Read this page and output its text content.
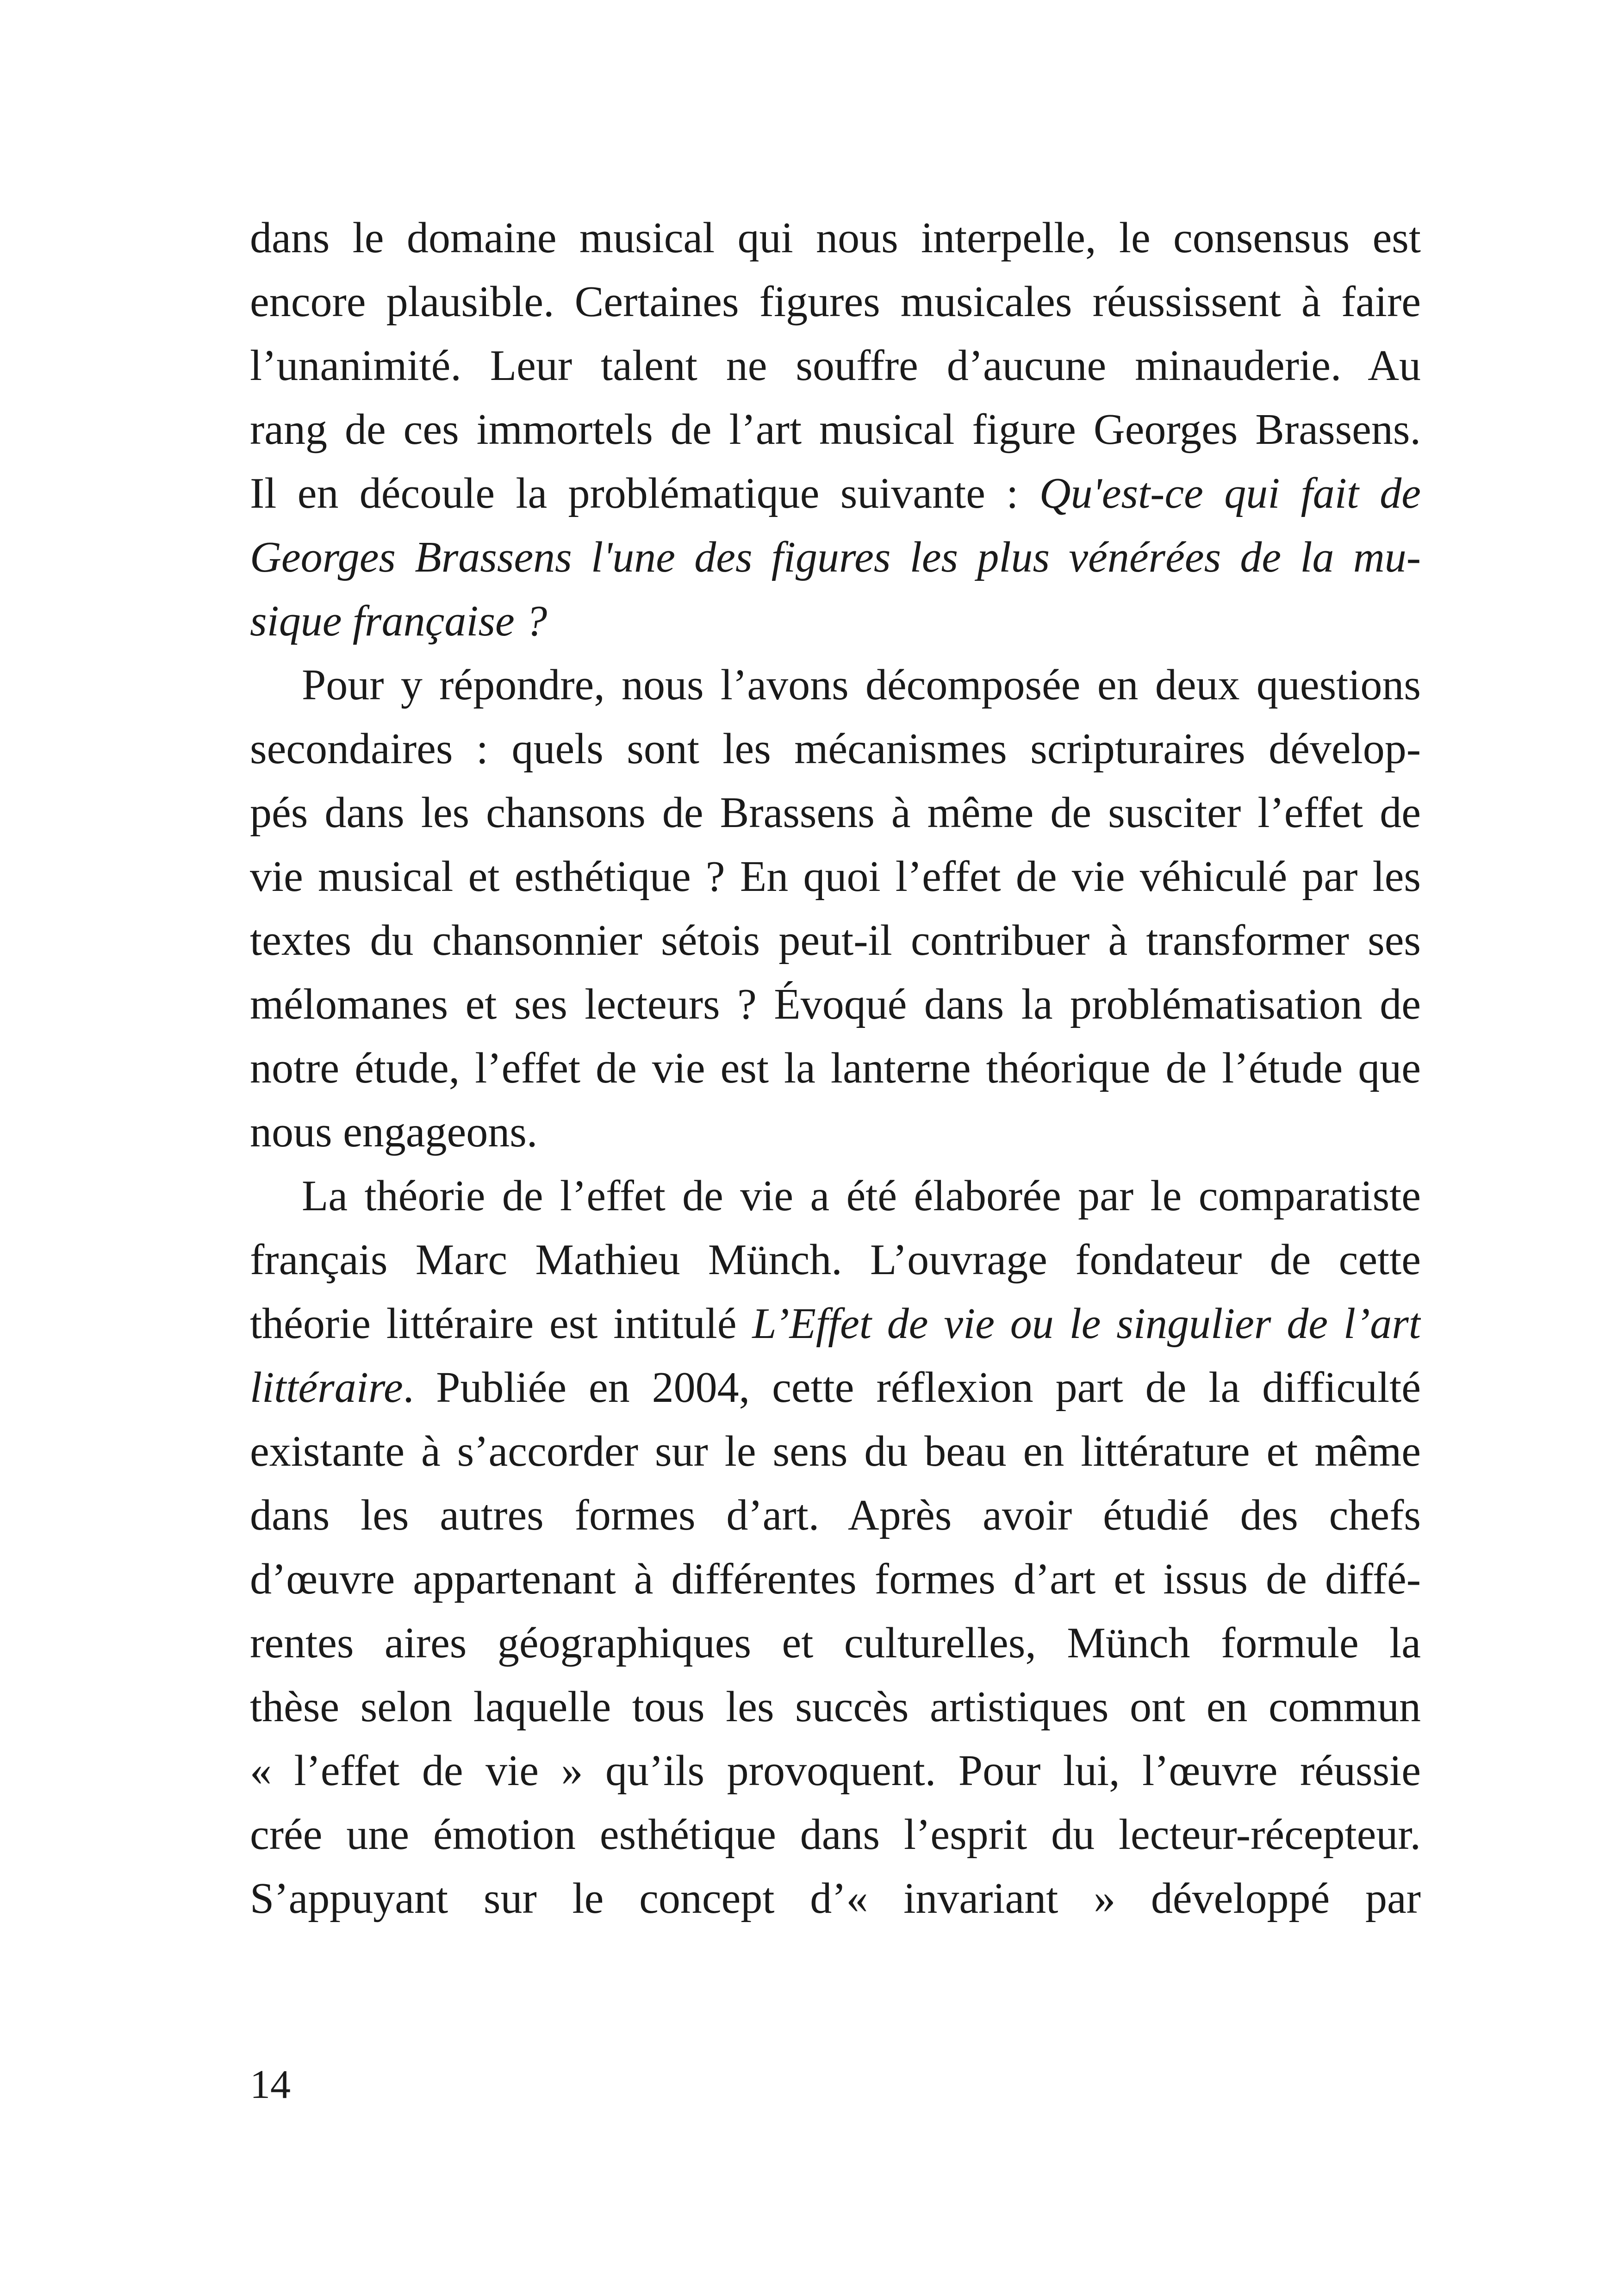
dans le domaine musical qui nous interpelle, le consensus est
encore plausible. Certaines figures musicales réussissent à faire
l’unanimité. Leur talent ne souffre d’aucune minauderie. Au
rang de ces immortels de l’art musical figure Georges Brassens.
Il en découle la problématique suivante : Qu'est-ce qui fait de
Georges Brassens l'une des figures les plus vénérées de la mu-
sique française ?
Pour y répondre, nous l’avons décomposée en deux questions
secondaires : quels sont les mécanismes scripturaires dévelop-
pés dans les chansons de Brassens à même de susciter l’effet de
vie musical et esthétique ? En quoi l’effet de vie véhiculé par les
textes du chansonnier sétois peut-il contribuer à transformer ses
mélomanes et ses lecteurs ? Évoqué dans la problématisation de
notre étude, l’effet de vie est la lanterne théorique de l’étude que
nous engageons.
La théorie de l’effet de vie a été élaborée par le comparatiste
français Marc Mathieu Münch. L’ouvrage fondateur de cette
théorie littéraire est intitulé L’Effet de vie ou le singulier de l’art
littéraire. Publiée en 2004, cette réflexion part de la difficulté
existante à s’accorder sur le sens du beau en littérature et même
dans les autres formes d’art. Après avoir étudié des chefs
d’œuvre appartenant à différentes formes d’art et issus de diffé-
rentes aires géographiques et culturelles, Münch formule la
thèse selon laquelle tous les succès artistiques ont en commun
« l’effet de vie » qu’ils provoquent. Pour lui, l’œuvre réussie
crée une émotion esthétique dans l’esprit du lecteur-récepteur.
S’appuyant sur le concept d’« invariant » développé par
14
